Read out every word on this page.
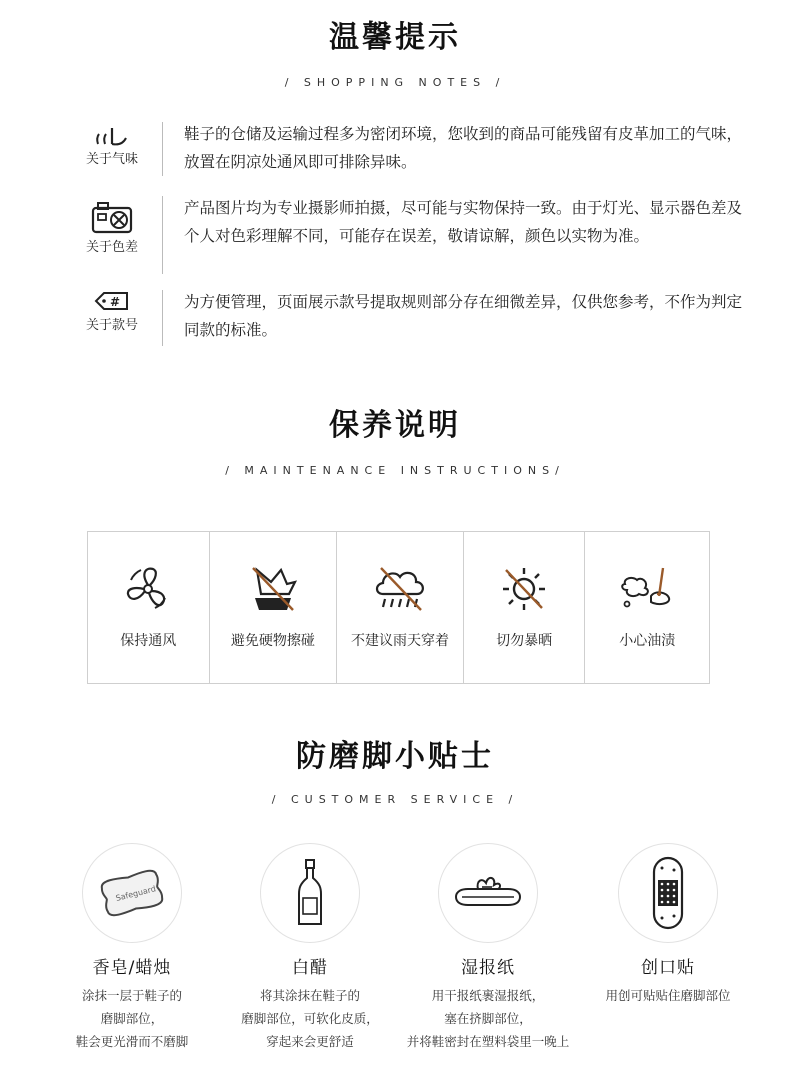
温馨提示
/ SHOPPING NOTES /
关于气味
鞋子的仓储及运输过程多为密闭环境，您收到的商品可能残留有皮革加工的气味，放置在阴凉处通风即可排除异味。
关于色差
产品图片均为专业摄影师拍摄，尽可能与实物保持一致。由于灯光、显示器色差及个人对色彩理解不同，可能存在误差，敬请谅解，颜色以实物为准。
#
关于款号
为方便管理，页面展示款号提取规则部分存在细微差异，仅供您参考，不作为判定同款的标准。
保养说明
/ MAINTENANCE INSTRUCTIONS/
保持通风	避免硬物擦碰	不建议雨天穿着	切勿暴晒	小心油渍
防磨脚小贴士
/ CUSTOMER SERVICE /
Safeguard
香皂/蜡烛
涂抹一层于鞋子的
磨脚部位，
鞋会更光滑而不磨脚
白醋
将其涂抹在鞋子的
磨脚部位，可软化皮质，
穿起来会更舒适
湿报纸
用干报纸裹湿报纸，
塞在挤脚部位，
并将鞋密封在塑料袋里一晚上
创口贴
用创可贴贴住磨脚部位
